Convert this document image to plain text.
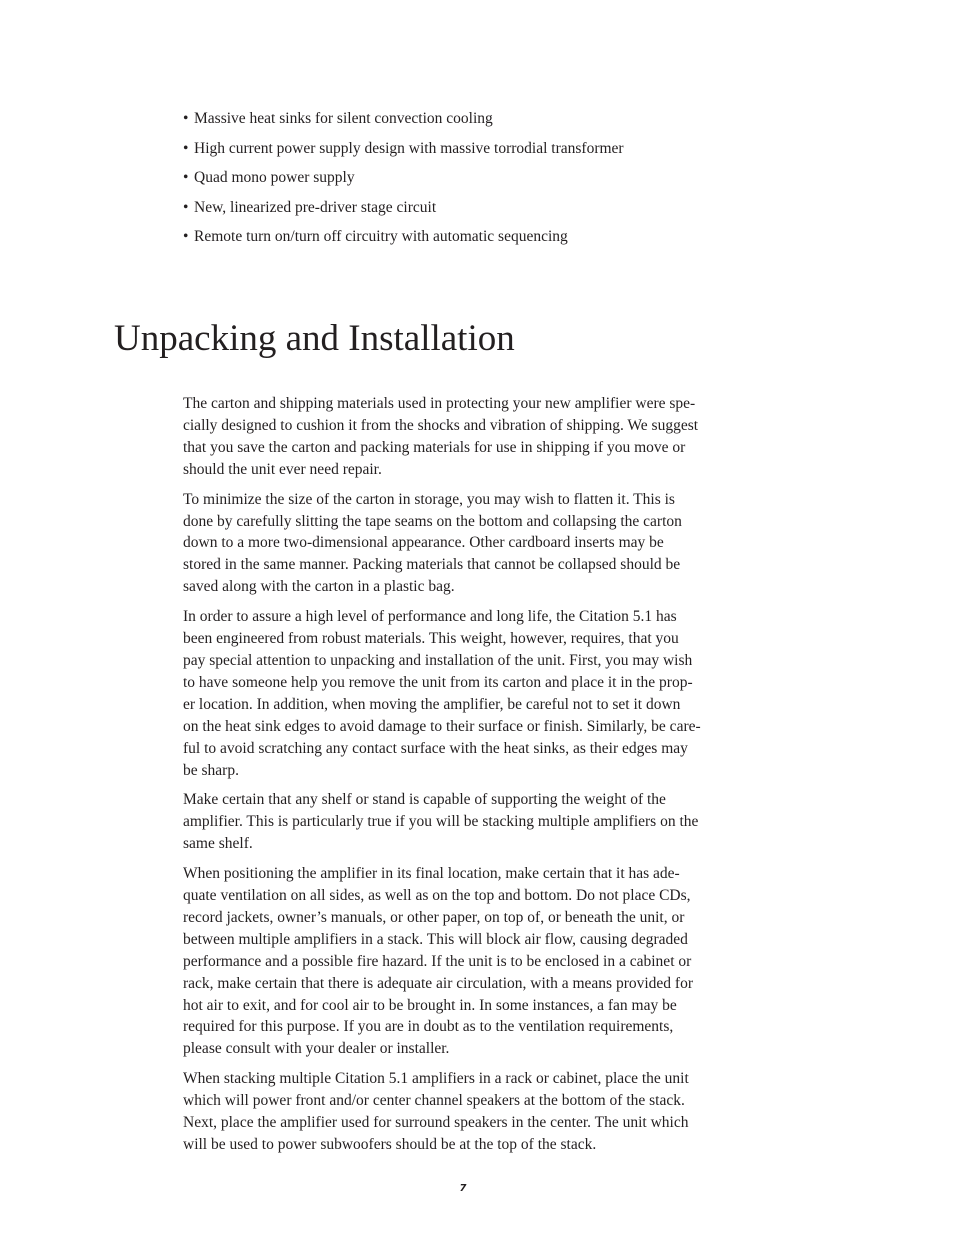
• Massive heat sinks for silent convection cooling
• High current power supply design with massive torrodial transformer
• Quad mono power supply
• New, linearized pre-driver stage circuit
• Remote turn on/turn off circuitry with automatic sequencing
Unpacking and Installation

The carton and shipping materials used in protecting your new amplifier were spe-
cially designed to cushion it from the shocks and vibration of shipping. We suggest
that you save the carton and packing materials for use in shipping if you move or
should the unit ever need repair.

To minimize the size of the carton in storage, you may wish to flatten it. This is
done by carefully slitting the tape seams on the bottom and collapsing the carton
down to a more two-dimensional appearance. Other cardboard inserts may be
stored in the same manner. Packing materials that cannot be collapsed should be
saved along with the carton in a plastic bag.

In order to assure a high level of performance and long life, the Citation 5.1 has
been engineered from robust materials. This weight, however, requires, that you
pay special attention to unpacking and installation of the unit. First, you may wish
to have someone help you remove the unit from its carton and place it in the prop-
er location. In addition, when moving the amplifier, be careful not to set it down
on the heat sink edges to avoid damage to their surface or finish. Similarly, be care-
ful to avoid scratching any contact surface with the heat sinks, as their edges may
be sharp.

Make certain that any shelf or stand is capable of supporting the weight of the
amplifier. This is particularly true if you will be stacking multiple amplifiers on the
same shelf.

When positioning the amplifier in its final location, make certain that it has ade-
quate ventilation on all sides, as well as on the top and bottom. Do not place CDs,
record jackets, owner’s manuals, or other paper, on top of, or beneath the unit, or
between multiple amplifiers in a stack. This will block air flow, causing degraded
performance and a possible fire hazard. If the unit is to be enclosed in a cabinet or
rack, make certain that there is adequate air circulation, with a means provided for
hot air to exit, and for cool air to be brought in. In some instances, a fan may be
required for this purpose. If you are in doubt as to the ventilation requirements,
please consult with your dealer or installer.

When stacking multiple Citation 5.1 amplifiers in a rack or cabinet, place the unit
which will power front and/or center channel speakers at the bottom of the stack.
Next, place the amplifier used for surround speakers in the center. The unit which
will be used to power subwoofers should be at the top of the stack.

7
